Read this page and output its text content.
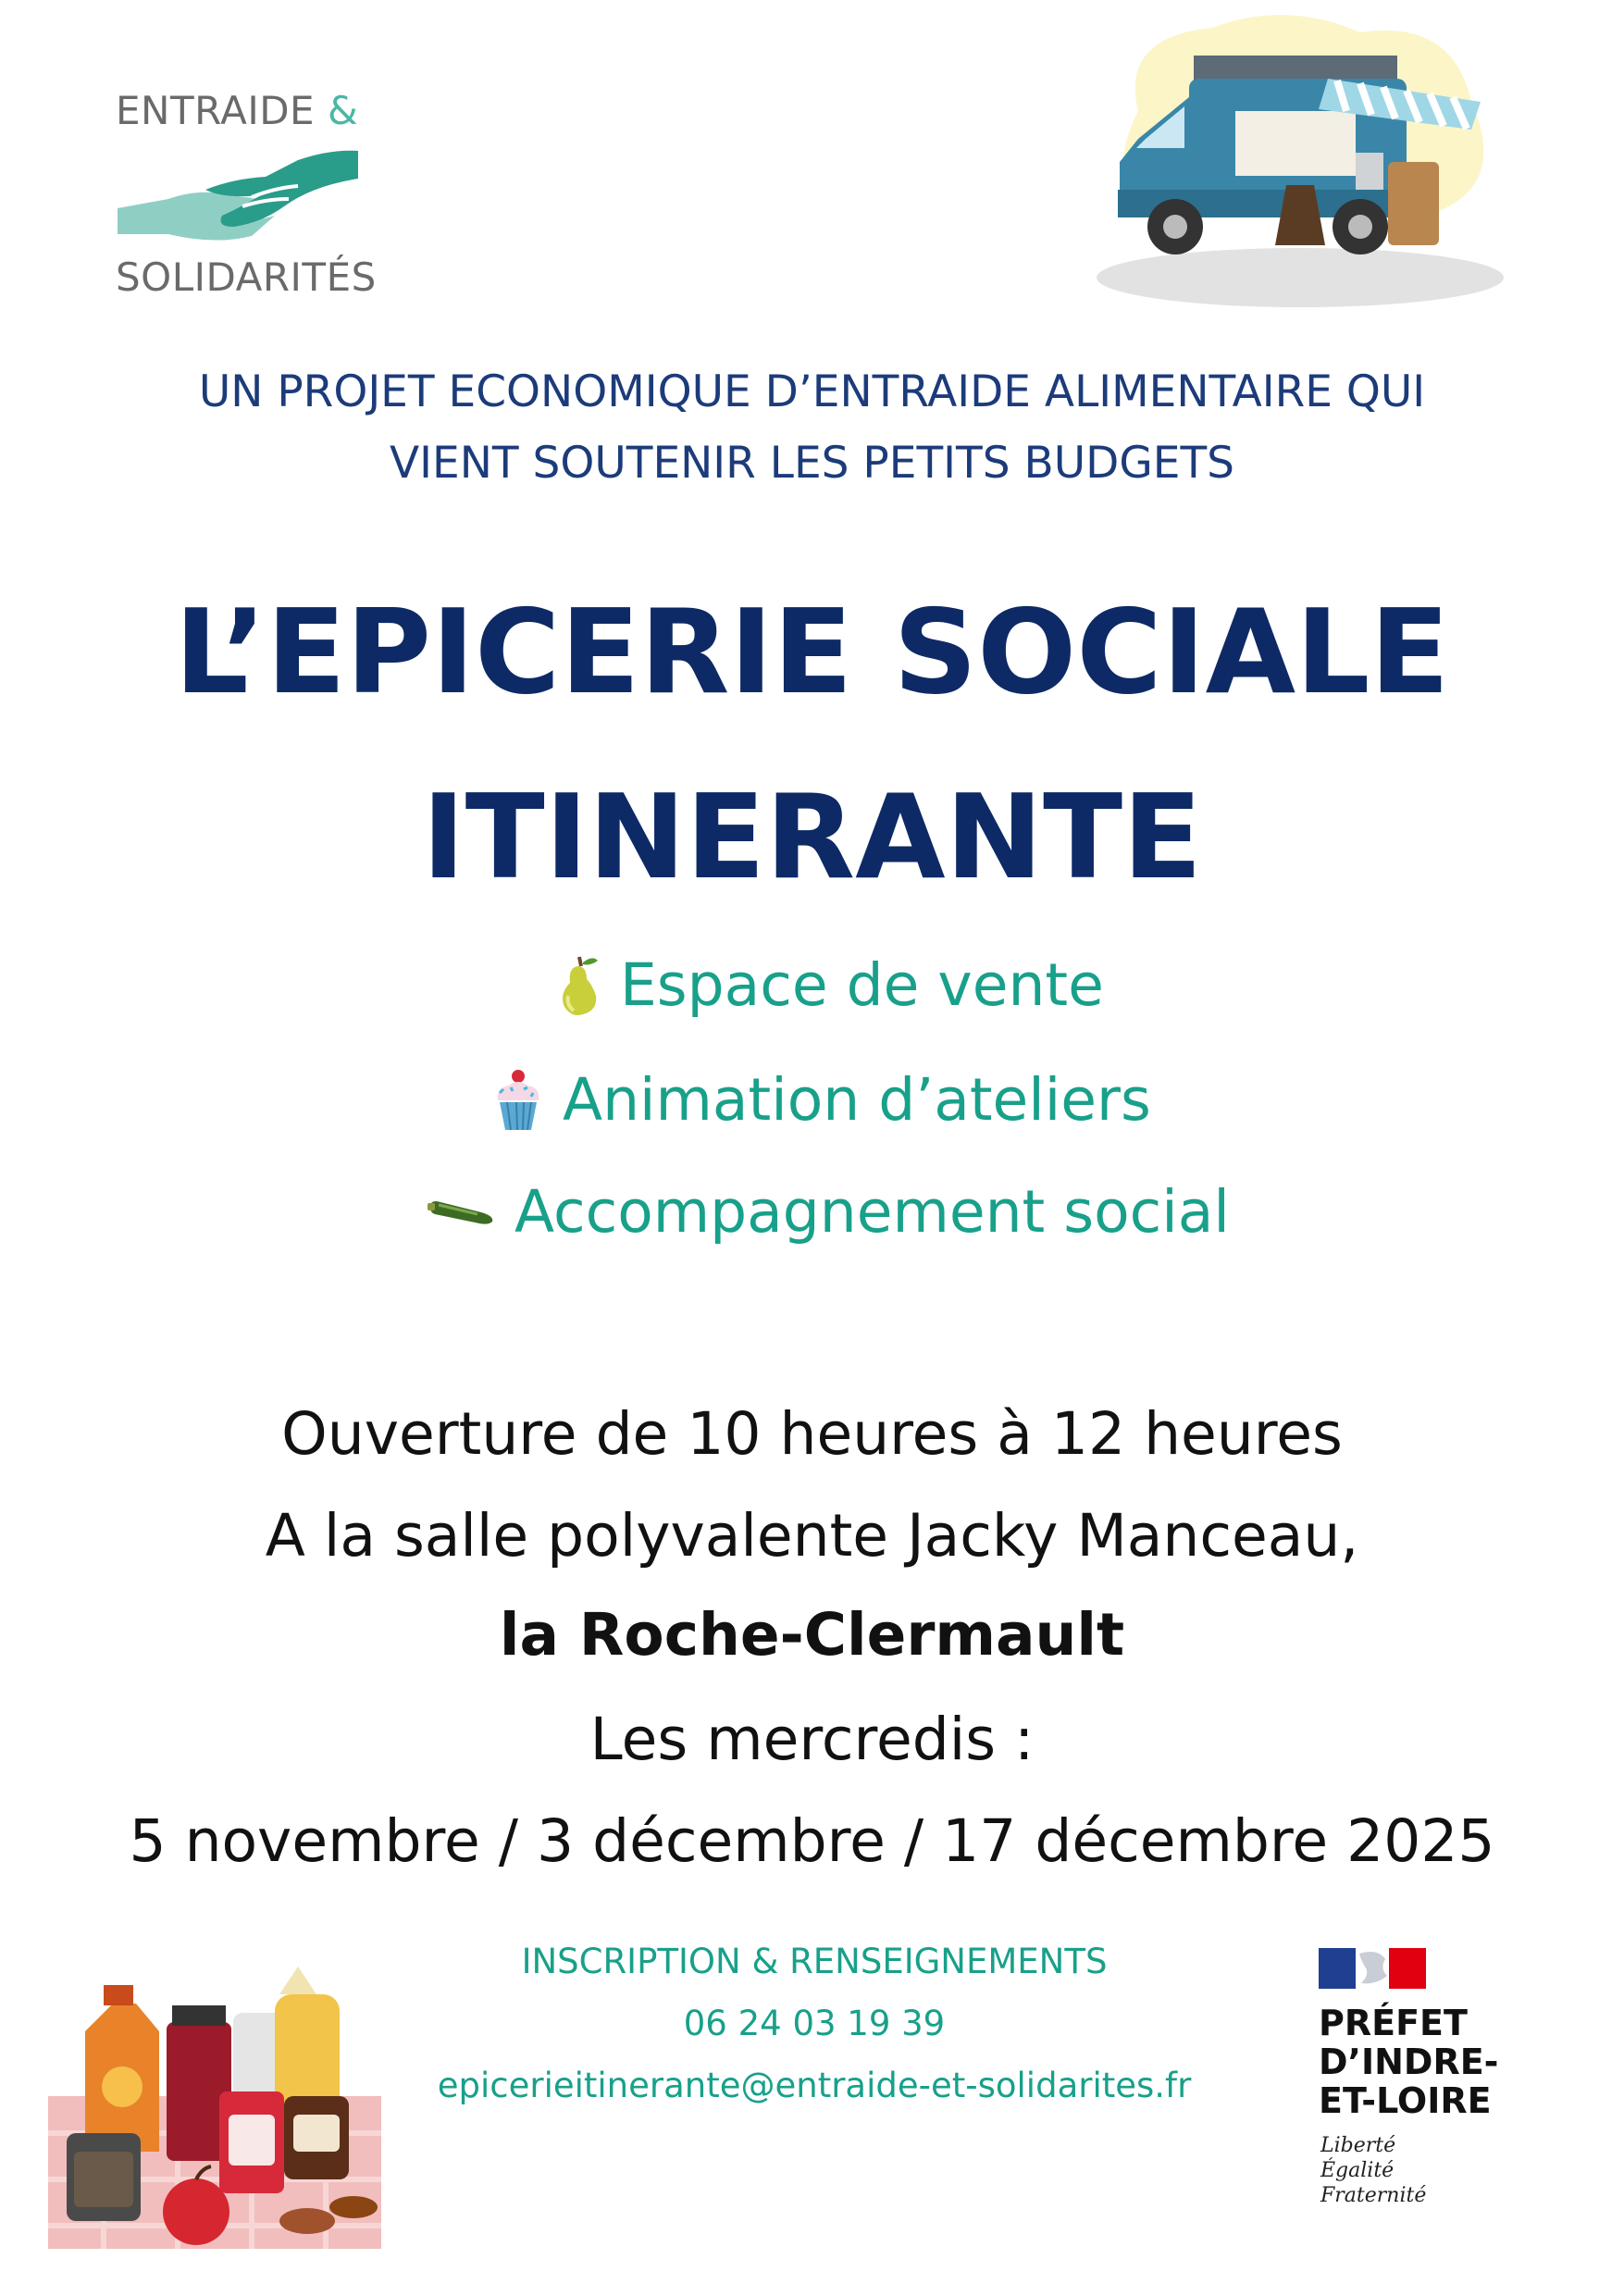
ENTRAIDE &
SOLIDARITÉS
UN PROJET ECONOMIQUE D’ENTRAIDE ALIMENTAIRE QUI
VIENT SOUTENIR LES PETITS BUDGETS
L’EPICERIE SOCIALE
ITINERANTE
Espace de vente
Animation d’ateliers
Accompagnement social
Ouverture de 10 heures à 12 heures
A la salle polyvalente Jacky Manceau,
la Roche-Clermault
Les mercredis :
5 novembre / 3 décembre / 17 décembre 2025
INSCRIPTION & RENSEIGNEMENTS
06 24 03 19 39
epicerieitinerante@entraide-et-solidarites.fr
PRÉFET
D’INDRE-
ET-LOIRE
Liberté
Égalité
Fraternité
